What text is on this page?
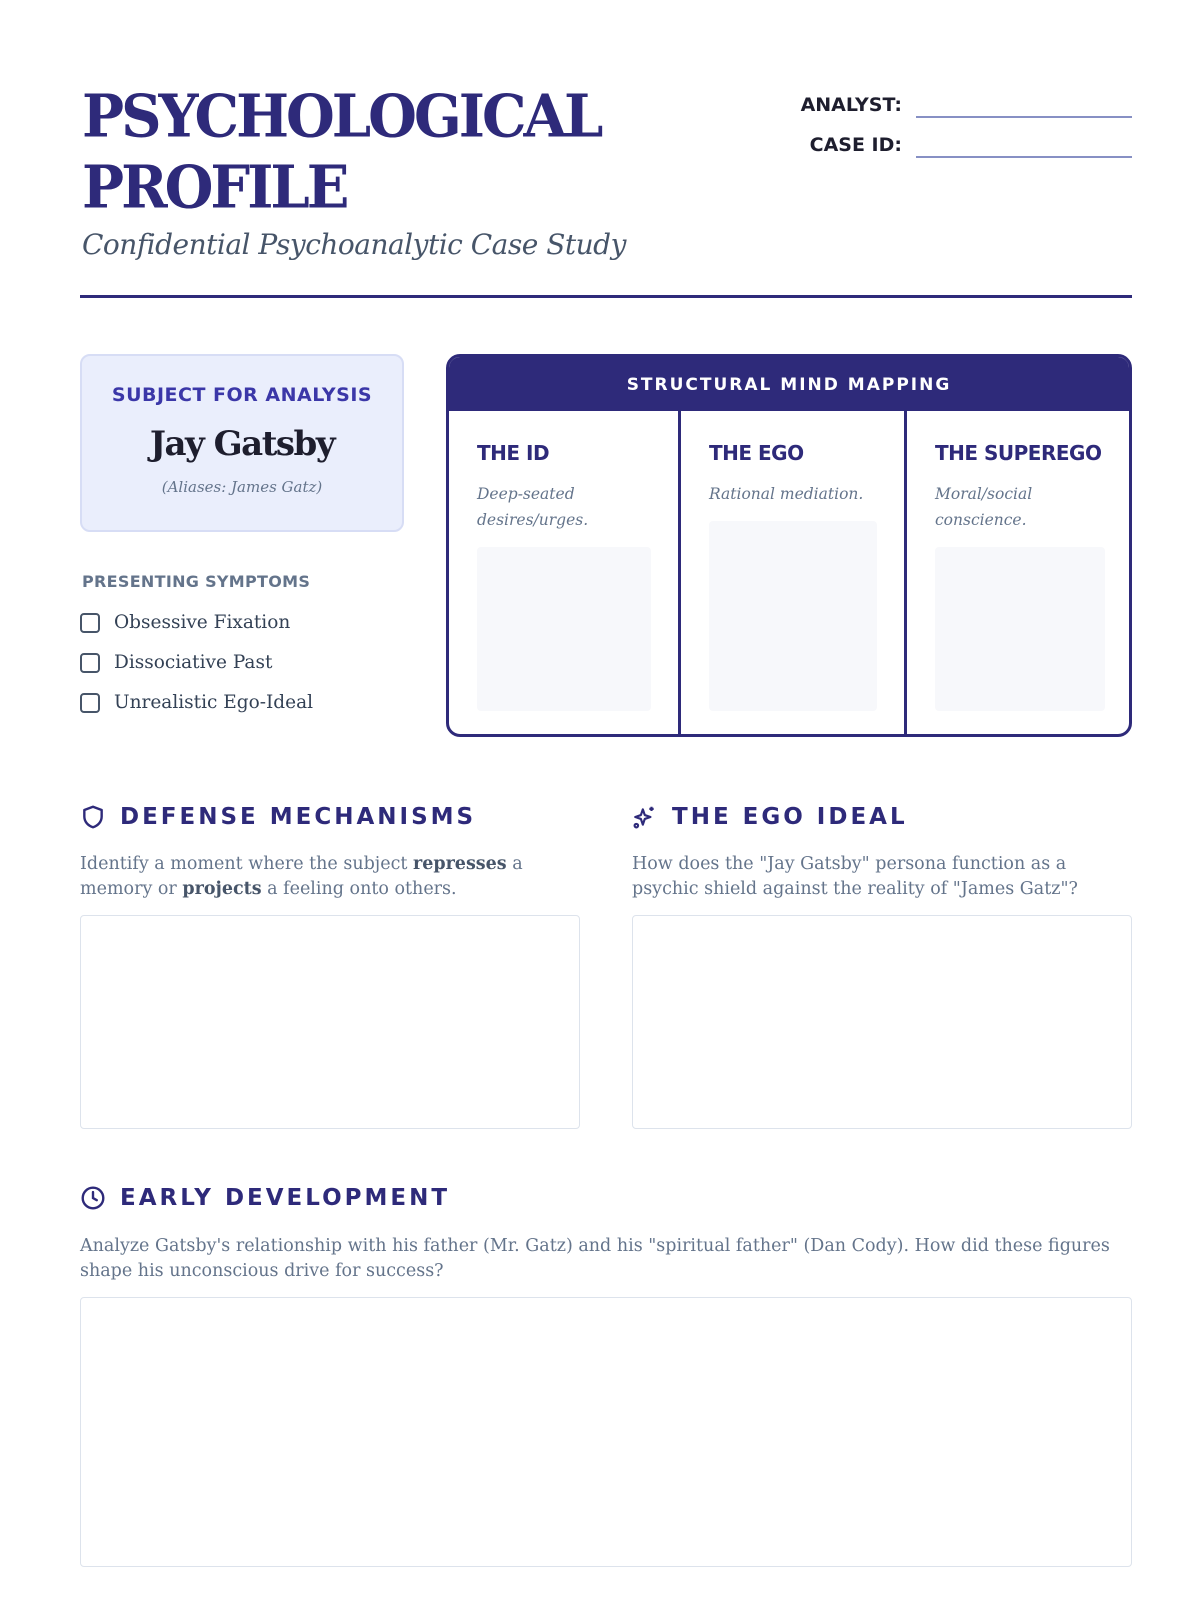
PSYCHOLOGICAL
PROFILE
Confidential Psychoanalytic Case Study
ANALYST:
CASE ID:
SUBJECT FOR ANALYSIS
Jay Gatsby
(Aliases: James Gatz)
PRESENTING SYMPTOMS
Obsessive Fixation
Dissociative Past
Unrealistic Ego-Ideal
STRUCTURAL MIND MAPPING
THE ID
Deep-seated desires/urges.
THE EGO
Rational mediation.
THE SUPEREGO
Moral/social conscience.
DEFENSE MECHANISMS
Identify a moment where the subject represses a memory or projects a feeling onto others.
THE EGO IDEAL
How does the "Jay Gatsby" persona function as a psychic shield against the reality of "James Gatz"?
EARLY DEVELOPMENT
Analyze Gatsby's relationship with his father (Mr. Gatz) and his "spiritual father" (Dan Cody). How did these figures shape his unconscious drive for success?
